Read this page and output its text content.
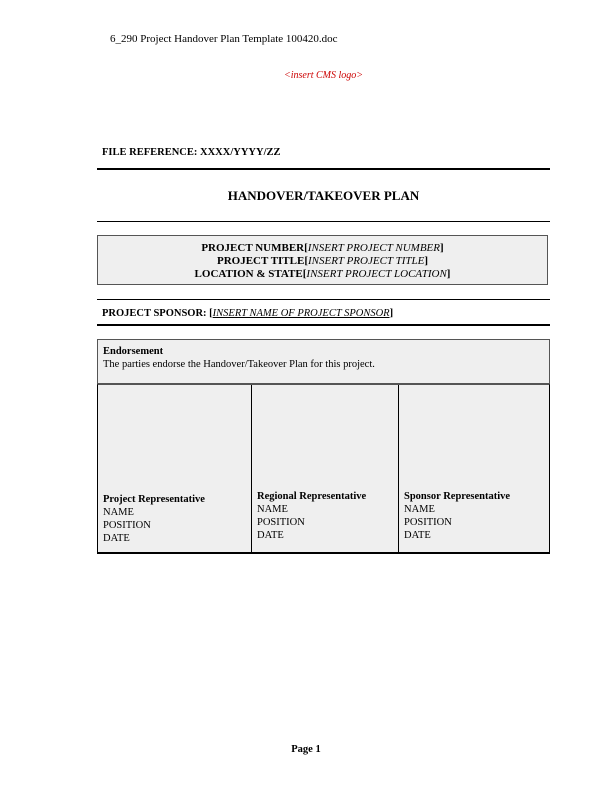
6_290 Project Handover Plan Template 100420.doc
<insert CMS logo>
FILE REFERENCE: XXXX/YYYY/ZZ
HANDOVER/TAKEOVER PLAN
PROJECT NUMBER[INSERT PROJECT NUMBER]
PROJECT TITLE[INSERT PROJECT TITLE]
LOCATION & STATE[INSERT PROJECT LOCATION]
PROJECT SPONSOR: [INSERT NAME OF PROJECT SPONSOR]
Endorsement
The parties endorse the Handover/Takeover Plan for this project.
Project Representative
NAME
POSITION
DATE
Regional Representative
NAME
POSITION
DATE
Sponsor Representative
NAME
POSITION
DATE
Page 1
